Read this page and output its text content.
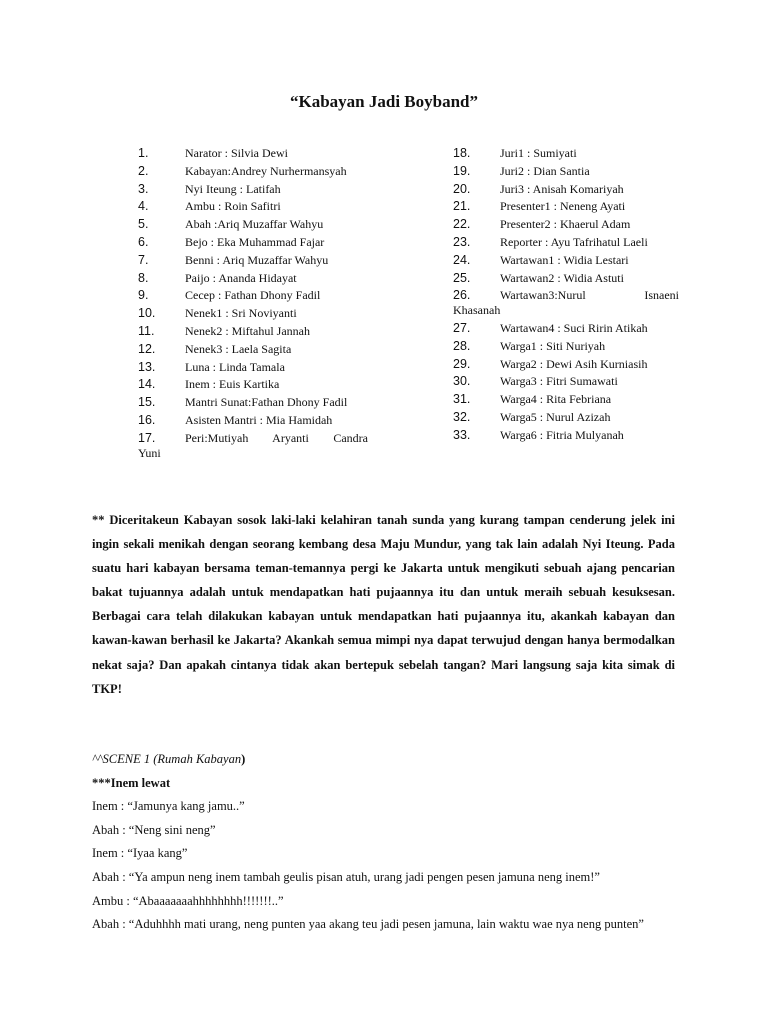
“Kabayan Jadi Boyband”
1.	Narator : Silvia Dewi
2.	Kabayan:Andrey Nurhermansyah
3.	Nyi Iteung : Latifah
4.	Ambu : Roin Safitri
5.	Abah :Ariq Muzaffar Wahyu
6.	Bejo : Eka Muhammad Fajar
7.	Benni : Ariq Muzaffar Wahyu
8.	Paijo : Ananda Hidayat
9.	Cecep : Fathan Dhony Fadil
10.	Nenek1 : Sri Noviyanti
11.	Nenek2 : Miftahul Jannah
12.	Nenek3 : Laela Sagita
13.	Luna : Linda Tamala
14.	Inem : Euis Kartika
15.	Mantri Sunat:Fathan Dhony Fadil
16.	Asisten Mantri : Mia Hamidah
17.	Peri:Mutiyah Aryanti Candra
Yuni
18.	Juri1 : Sumiyati
19.	Juri2 : Dian Santia
20.	Juri3 : Anisah Komariyah
21.	Presenter1 : Neneng Ayati
22.	Presenter2 : Khaerul Adam
23.	Reporter : Ayu Tafrihatul Laeli
24.	Wartawan1 : Widia Lestari
25.	Wartawan2 : Widia Astuti
26.	Wartawan3:Nurul Isnaeni
Khasanah
27.	Wartawan4 : Suci Ririn Atikah
28.	Warga1 : Siti Nuriyah
29.	Warga2 : Dewi Asih Kurniasih
30.	Warga3 : Fitri Sumawati
31.	Warga4 : Rita Febriana
32.	Warga5 : Nurul Azizah
33.	Warga6 : Fitria Mulyanah

** Diceritakeun Kabayan sosok laki-laki kelahiran tanah sunda yang kurang tampan cenderung jelek ini ingin sekali menikah dengan seorang kembang desa Maju Mundur, yang tak lain adalah Nyi Iteung. Pada suatu hari kabayan bersama teman-temannya pergi ke Jakarta untuk mengikuti sebuah ajang pencarian bakat tujuannya adalah untuk mendapatkan hati pujaannya itu dan untuk meraih sebuah kesuksesan. Berbagai cara telah dilakukan kabayan untuk mendapatkan hati pujaannya itu, akankah kabayan dan kawan-kawan berhasil ke Jakarta? Akankah semua mimpi nya dapat terwujud dengan hanya bermodalkan nekat saja? Dan apakah cintanya tidak akan bertepuk sebelah tangan? Mari langsung saja kita simak di TKP!

^^SCENE 1 (Rumah Kabayan)
***Inem lewat
Inem : “Jamunya kang jamu..”
Abah : “Neng sini neng”
Inem : “Iyaa kang”
Abah : “Ya ampun neng inem tambah geulis pisan atuh, urang jadi pengen pesen jamuna neng inem!”
Ambu : “Abaaaaaaahhhhhhhh!!!!!!!..”
Abah : “Aduhhhh mati urang, neng punten yaa akang teu jadi pesen jamuna, lain waktu wae nya neng punten”
